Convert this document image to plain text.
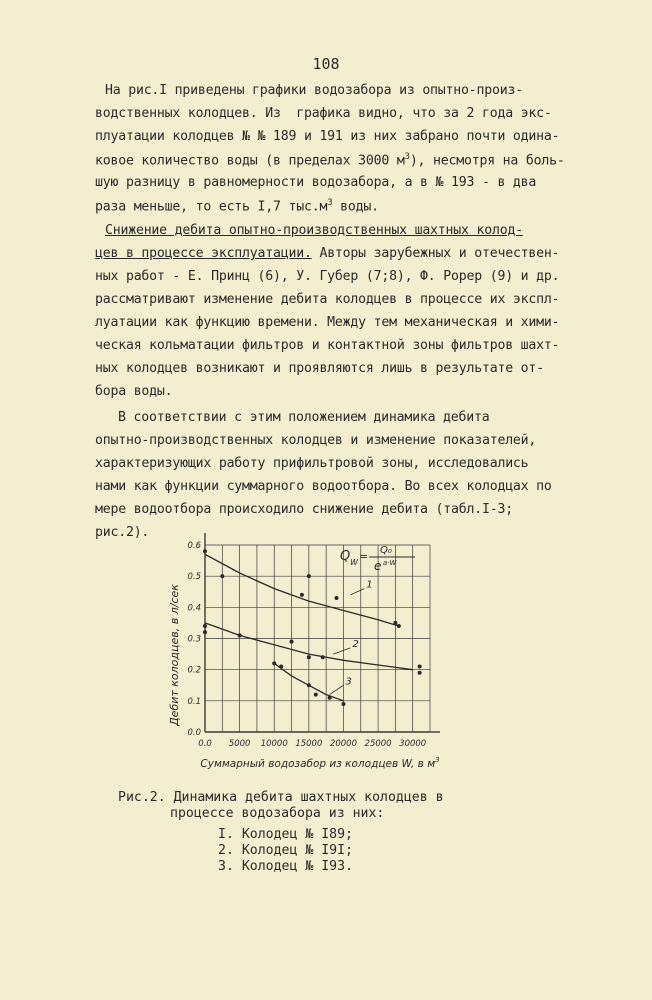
108
На рис.I приведены графики водозабора из опытно-произ-
водственных колодцев. Из  графика видно, что за 2 года экс-
плуатации колодцев № № 189 и 191 из них забрано почти одина-
ковое количество воды (в пределах 3000 $м^3$), несмотря на боль-
шую разницу в равномерности водозабора, а в № 193 - в два
раза меньше, то есть I,7 $тыс.м^3$ воды.
Снижение дебита опытно-производственных шахтных колод-
цев в процессе эксплуатации. Авторы зарубежных и отечествен-
ных работ - Е. Принц (6), У. Губер (7;8), Ф. Popep (9) и др.
рассматривают изменение дебита колодцев в процессе их экспл-
луатации как функцию времени. Между тем механическая и хими-
ческая кольматации фильтров и контактной зоны фильтров шахт-
ных колодцев возникают и проявляются лишь в результате от-
бора воды.
В соответствии с этим положением динамика дебита
опытно-производственных колодцев и изменение показателей,
характеризующих работу прифильтровой зоны, исследовались
нами как функции суммарного водоотбора. Во всех колодцах по
мере водоотбора происходило снижение дебита (табл.I-3;
рис.2).
0.6
0.5
0.4
0.3
0.2
0.1
0.0
0.0 5000 10000 15000 20000 25000 30000
1
2
3
Дебит колодцев, в л/сек
Суммарный водозабор из колодцев W, в $м^3$
Q W = Q₀
e a·W
Рис.2. Динамика дебита шахтных колодцев в
процессе водозабора из них:
I. Колодец № I89;
2. Колодец № I9I;
3. Колодец № I93.
